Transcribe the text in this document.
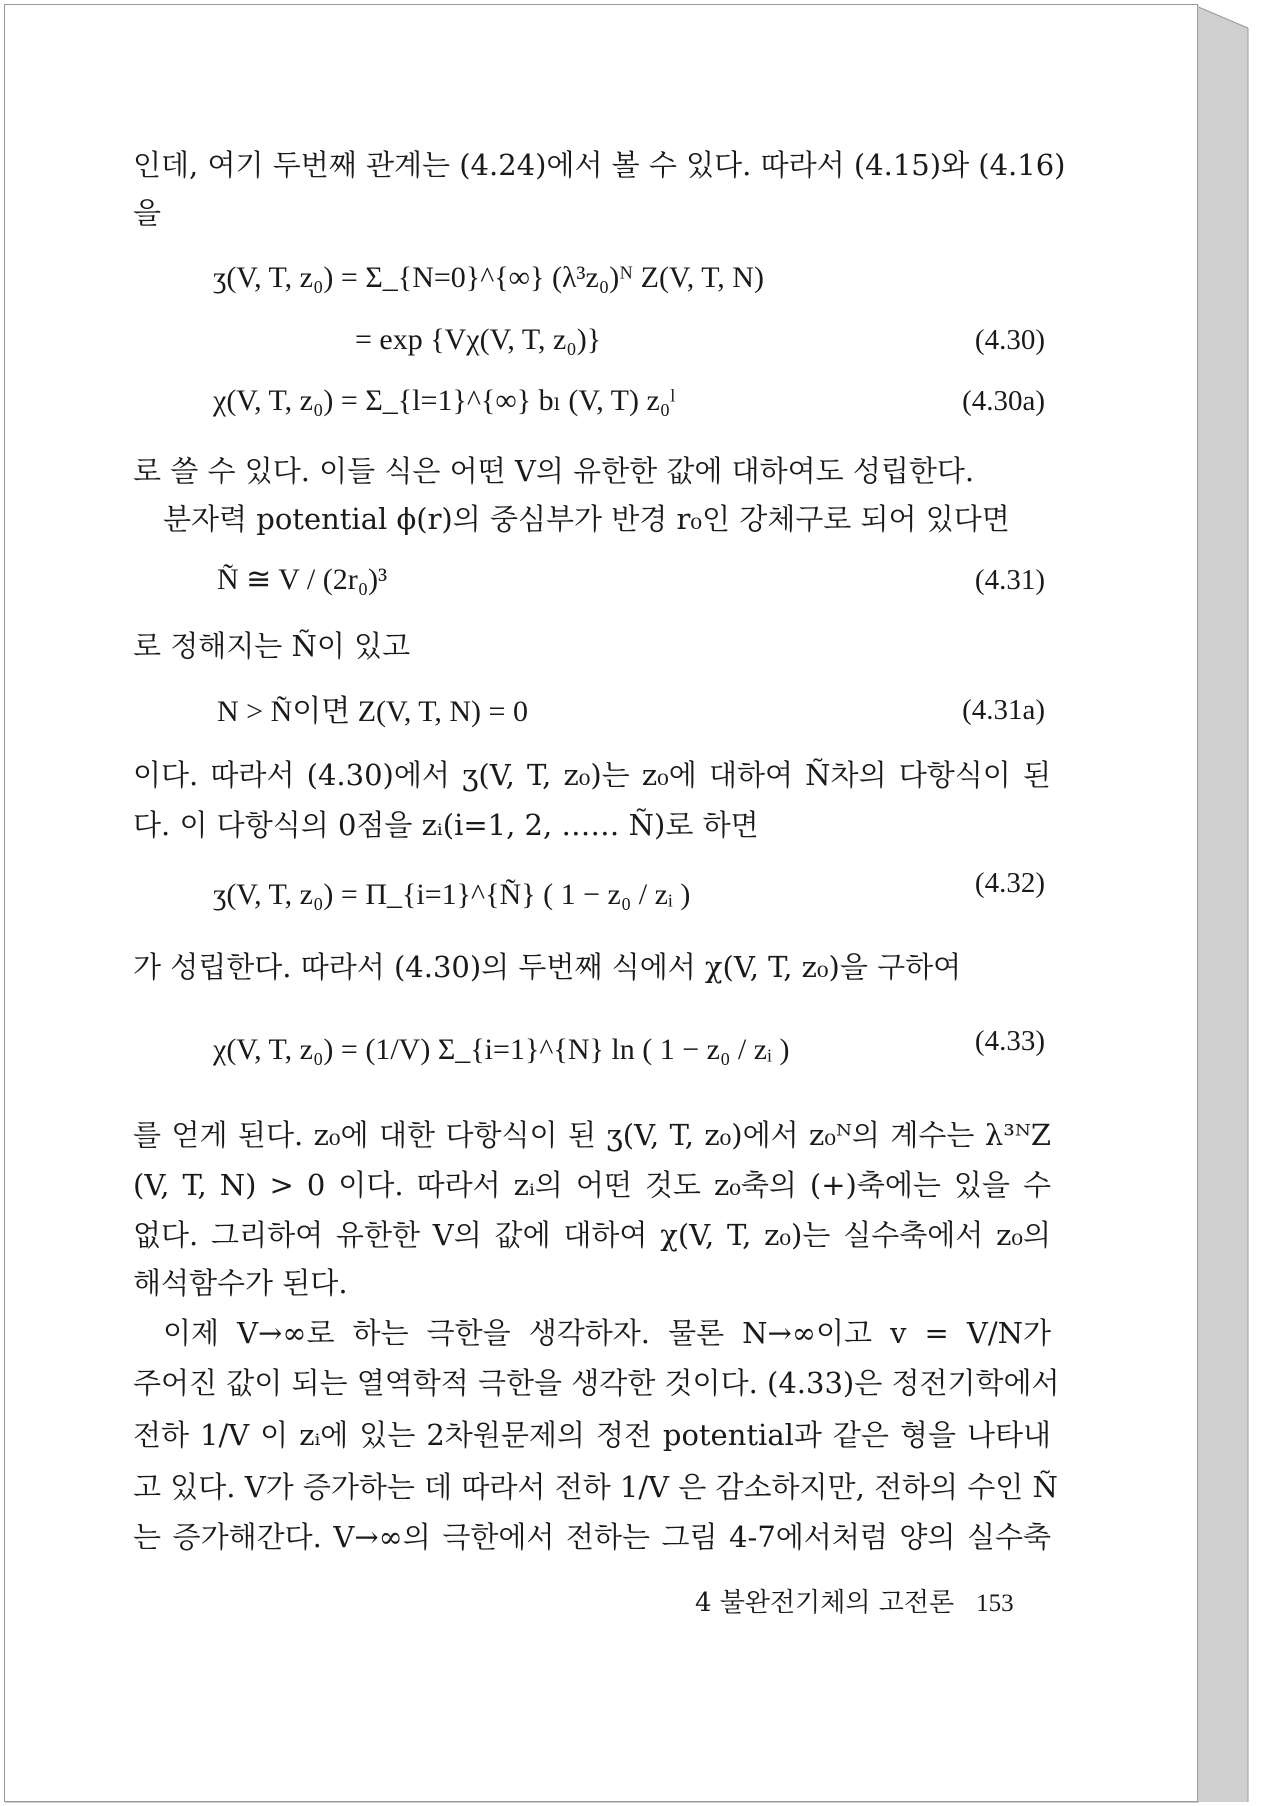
인데, 여기 두번째 관계는 (4.24)에서 볼 수 있다. 따라서 (4.15)와 (4.16)
을
ʒ(V, T, z₀) = Σ_{N=0}^{∞} (λ³z₀)ᴺ Z(V, T, N)
= exp {Vχ(V, T, z₀)}	(4.30)
χ(V, T, z₀) = Σ_{l=1}^{∞} bₗ (V, T) z₀ˡ	(4.30a)
로 쓸 수 있다. 이들 식은 어떤 V의 유한한 값에 대하여도 성립한다.
분자력 potential ϕ(r)의 중심부가 반경 r₀인 강체구로 되어 있다면
Ñ ≅ V / (2r₀)³	(4.31)
로 정해지는 Ñ이 있고
N > Ñ이면 Z(V, T, N) = 0	(4.31a)
이다. 따라서 (4.30)에서 ʒ(V, T, z₀)는 z₀에 대하여 Ñ차의 다항식이 된
다. 이 다항식의 0점을 zᵢ(i=1, 2, …… Ñ)로 하면
ʒ(V, T, z₀) = Π_{i=1}^{Ñ} ( 1 − z₀ / zᵢ )	(4.32)
가 성립한다. 따라서 (4.30)의 두번째 식에서 χ(V, T, z₀)을 구하여
χ(V, T, z₀) = (1/V) Σ_{i=1}^{N} ln ( 1 − z₀ / zᵢ )	(4.33)
를 얻게 된다. z₀에 대한 다항식이 된 ʒ(V, T, z₀)에서 z₀ᴺ의 계수는 λ³ᴺZ
(V, T, N) > 0 이다. 따라서 zᵢ의 어떤 것도 z₀축의 (+)축에는 있을 수
없다. 그리하여 유한한 V의 값에 대하여 χ(V, T, z₀)는 실수축에서 z₀의
해석함수가 된다.
이제 V→∞로 하는 극한을 생각하자. 물론 N→∞이고 v = V/N가
주어진 값이 되는 열역학적 극한을 생각한 것이다. (4.33)은 정전기학에서
전하 1/V 이 zᵢ에 있는 2차원문제의 정전 potential과 같은 형을 나타내
고 있다. V가 증가하는 데 따라서 전하 1/V 은 감소하지만, 전하의 수인 Ñ
는 증가해간다. V→∞의 극한에서 전하는 그림 4-7에서처럼 양의 실수축
4 불완전기체의 고전론 153
